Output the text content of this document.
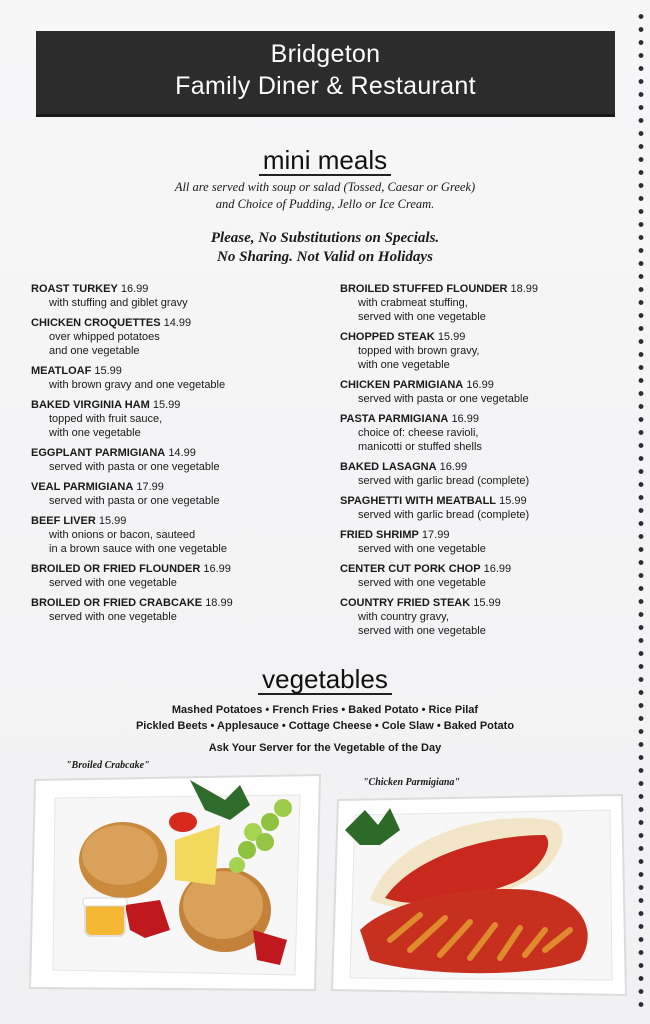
Bridgeton
Family Diner & Restaurant
mini meals
All are served with soup or salad (Tossed, Caesar or Greek)
and Choice of Pudding, Jello or Ice Cream.
Please, No Substitutions on Specials.
No Sharing. Not Valid on Holidays
ROAST TURKEY 16.99
with stuffing and giblet gravy
CHICKEN CROQUETTES 14.99
over whipped potatoes
and one vegetable
MEATLOAF 15.99
with brown gravy and one vegetable
BAKED VIRGINIA HAM 15.99
topped with fruit sauce,
with one vegetable
EGGPLANT PARMIGIANA 14.99
served with pasta or one vegetable
VEAL PARMIGIANA 17.99
served with pasta or one vegetable
BEEF LIVER 15.99
with onions or bacon, sauteed
in a brown sauce with one vegetable
BROILED OR FRIED FLOUNDER 16.99
served with one vegetable
BROILED OR FRIED CRABCAKE 18.99
served with one vegetable
BROILED STUFFED FLOUNDER 18.99
with crabmeat stuffing,
served with one vegetable
CHOPPED STEAK 15.99
topped with brown gravy,
with one vegetable
CHICKEN PARMIGIANA 16.99
served with pasta or one vegetable
PASTA PARMIGIANA 16.99
choice of: cheese ravioli,
manicotti or stuffed shells
BAKED LASAGNA 16.99
served with garlic bread (complete)
SPAGHETTI WITH MEATBALL 15.99
served with garlic bread (complete)
FRIED SHRIMP 17.99
served with one vegetable
CENTER CUT PORK CHOP 16.99
served with one vegetable
COUNTRY FRIED STEAK 15.99
with country gravy,
served with one vegetable
vegetables
Mashed Potatoes • French Fries • Baked Potato • Rice Pilaf
Pickled Beets • Applesauce • Cottage Cheese • Cole Slaw • Baked Potato
Ask Your Server for the Vegetable of the Day
"Broiled Crabcake"
"Chicken Parmigiana"
